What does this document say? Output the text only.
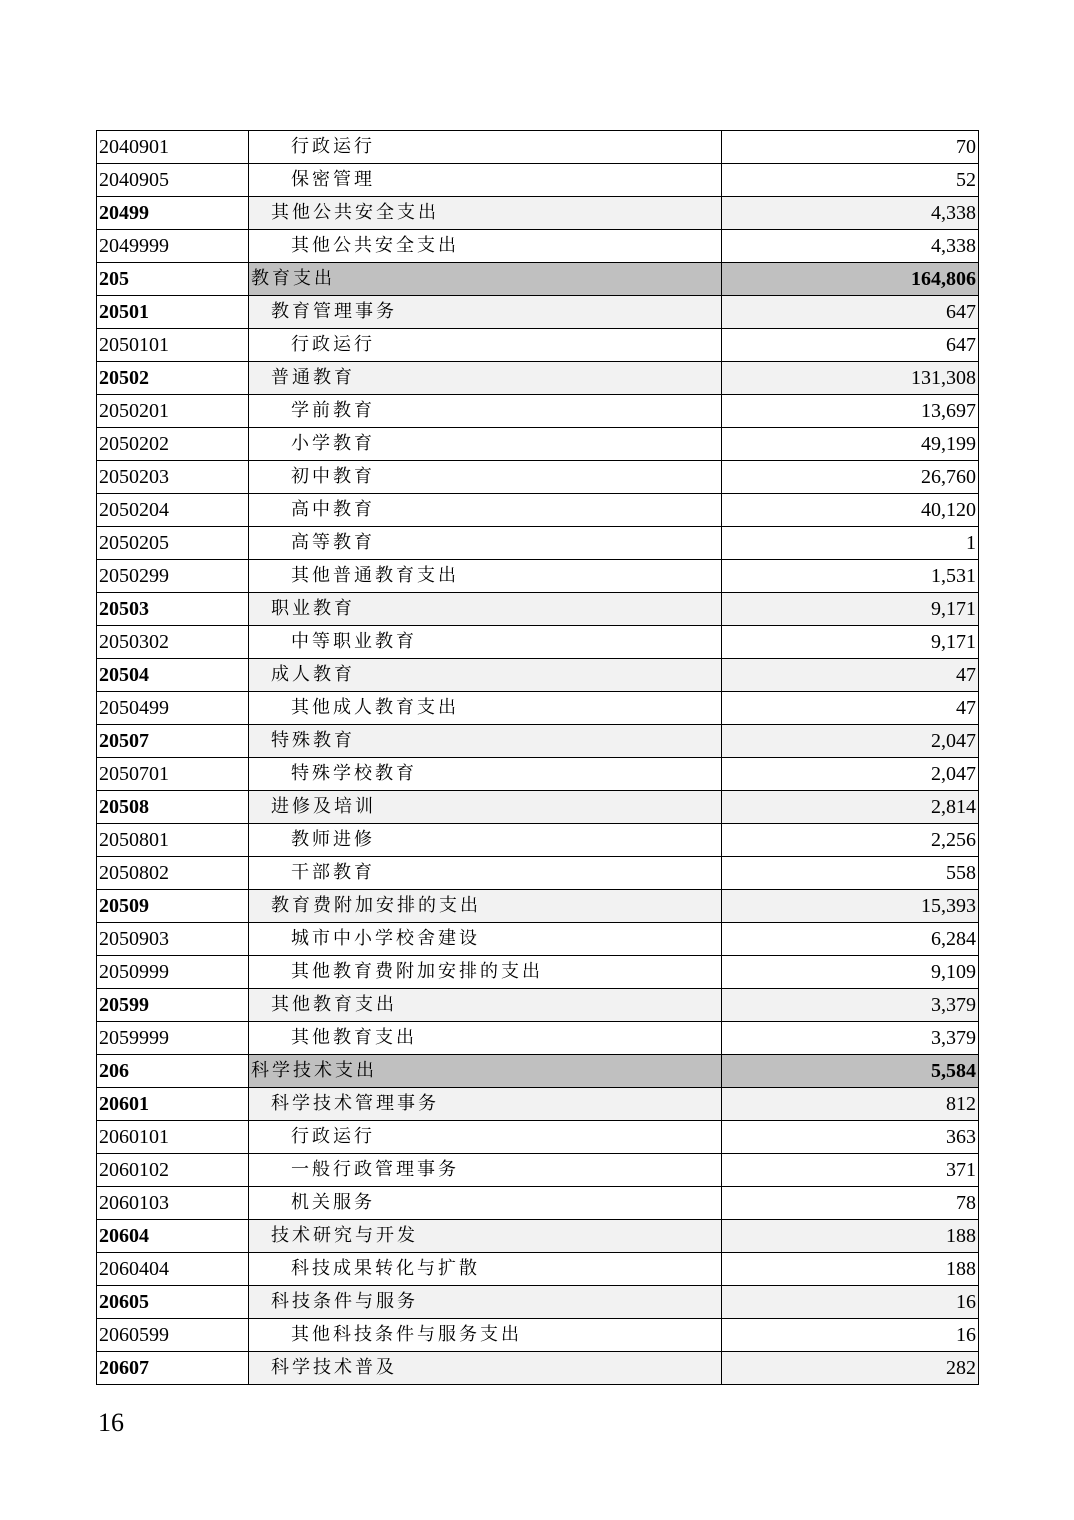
2040901	行政运行	70
2040905	保密管理	52
20499	其他公共安全支出	4,338
2049999	其他公共安全支出	4,338
205	教育支出	164,806
20501	教育管理事务	647
2050101	行政运行	647
20502	普通教育	131,308
2050201	学前教育	13,697
2050202	小学教育	49,199
2050203	初中教育	26,760
2050204	高中教育	40,120
2050205	高等教育	1
2050299	其他普通教育支出	1,531
20503	职业教育	9,171
2050302	中等职业教育	9,171
20504	成人教育	47
2050499	其他成人教育支出	47
20507	特殊教育	2,047
2050701	特殊学校教育	2,047
20508	进修及培训	2,814
2050801	教师进修	2,256
2050802	干部教育	558
20509	教育费附加安排的支出	15,393
2050903	城市中小学校舍建设	6,284
2050999	其他教育费附加安排的支出	9,109
20599	其他教育支出	3,379
2059999	其他教育支出	3,379
206	科学技术支出	5,584
20601	科学技术管理事务	812
2060101	行政运行	363
2060102	一般行政管理事务	371
2060103	机关服务	78
20604	技术研究与开发	188
2060404	科技成果转化与扩散	188
20605	科技条件与服务	16
2060599	其他科技条件与服务支出	16
20607	科学技术普及	282
16
